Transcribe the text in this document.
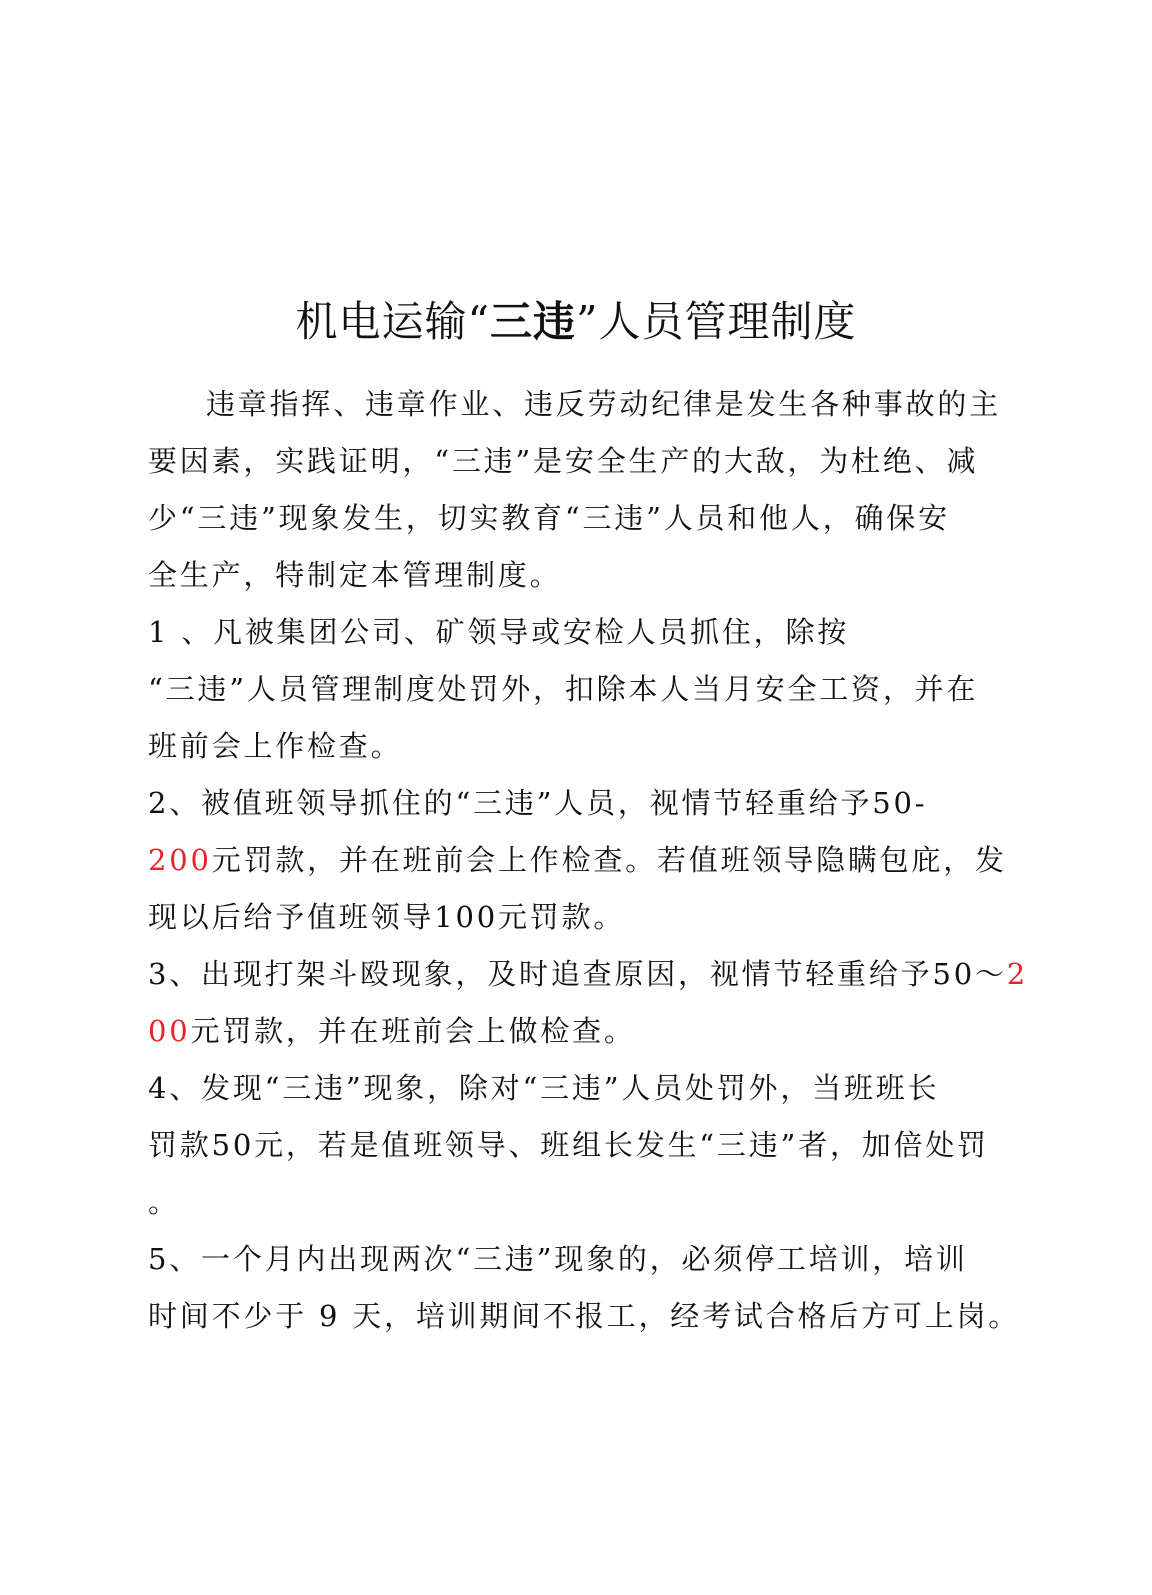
机电运输“三违”人员管理制度
违章指挥、违章作业、违反劳动纪律是发生各种事故的主
要因素，实践证明，“三违”是安全生产的大敌，为杜绝、减
少“三违”现象发生，切实教育“三违”人员和他人，确保安
全生产，特制定本管理制度。
1 、凡被集团公司、矿领导或安检人员抓住，除按
“三违”人员管理制度处罚外，扣除本人当月安全工资，并在
班前会上作检查。
2、被值班领导抓住的“三违”人员，视情节轻重给予50-
200元罚款，并在班前会上作检查。若值班领导隐瞒包庇，发
现以后给予值班领导100元罚款。
3、出现打架斗殴现象，及时追查原因，视情节轻重给予50～2
00元罚款，并在班前会上做检查。
4、发现“三违”现象，除对“三违”人员处罚外，当班班长
罚款50元，若是值班领导、班组长发生“三违”者，加倍处罚
。
5、一个月内出现两次“三违”现象的，必须停工培训，培训
时间不少于 9 天，培训期间不报工，经考试合格后方可上岗。
